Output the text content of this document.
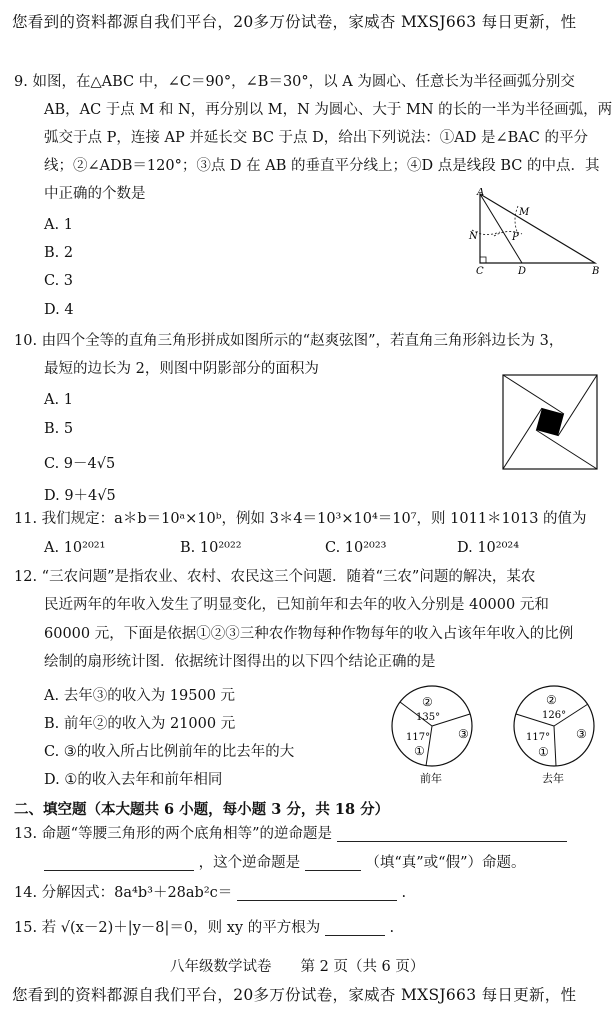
您看到的资料都源自我们平台，20多万份试卷，家威杏 MXSJ663 每日更新，性
9. 如图，在△ABC 中，∠C＝90°，∠B＝30°，以 A 为圆心、任意长为半径画弧分别交
AB，AC 于点 M 和 N，再分别以 M，N 为圆心、大于 MN 的长的一半为半径画弧，两
弧交于点 P，连接 AP 并延长交 BC 于点 D，给出下列说法：①AD 是∠BAC 的平分
线；②∠ADB＝120°；③点 D 在 AB 的垂直平分线上；④D 点是线段 BC 的中点．其
中正确的个数是
A. 1
B. 2
C. 3
D. 4
A
M
N	P
C	D	B
10. 由四个全等的直角三角形拼成如图所示的“赵爽弦图”，若直角三角形斜边长为 3，
最短的边长为 2，则图中阴影部分的面积为
A. 1
B. 5
C. 9－4√5
D. 9＋4√5
11. 我们规定：a＊b＝10ᵃ×10ᵇ，例如 3＊4＝10³×10⁴＝10⁷，则 1011＊1013 的值为
A. 10²⁰²¹	B. 10²⁰²²	C. 10²⁰²³	D. 10²⁰²⁴
12. “三农问题”是指农业、农村、农民这三个问题．随着“三农”问题的解决，某农
民近两年的年收入发生了明显变化，已知前年和去年的收入分别是 40000 元和
60000 元，下面是依据①②③三种农作物每种作物每年的收入占该年年收入的比例
绘制的扇形统计图．依据统计图得出的以下四个结论正确的是
A. 去年③的收入为 19500 元
B. 前年②的收入为 21000 元
C. ③的收入所占比例前年的比去年的大
D. ①的收入去年和前年相同
②
135°
③
117°
①
前年
②
126°
③
117°
①
去年
二、填空题（本大题共 6 小题，每小题 3 分，共 18 分）
13. 命题“等腰三角形的两个底角相等”的逆命题是
，这个逆命题是	（填“真”或“假”）命题。
14. 分解因式：8a⁴b³＋28ab²c＝	.
15. 若 √(x－2)＋|y－8|＝0，则 xy 的平方根为	.
八年级数学试卷　　第 2 页（共 6 页）
您看到的资料都源自我们平台，20多万份试卷，家威杏 MXSJ663 每日更新，性
